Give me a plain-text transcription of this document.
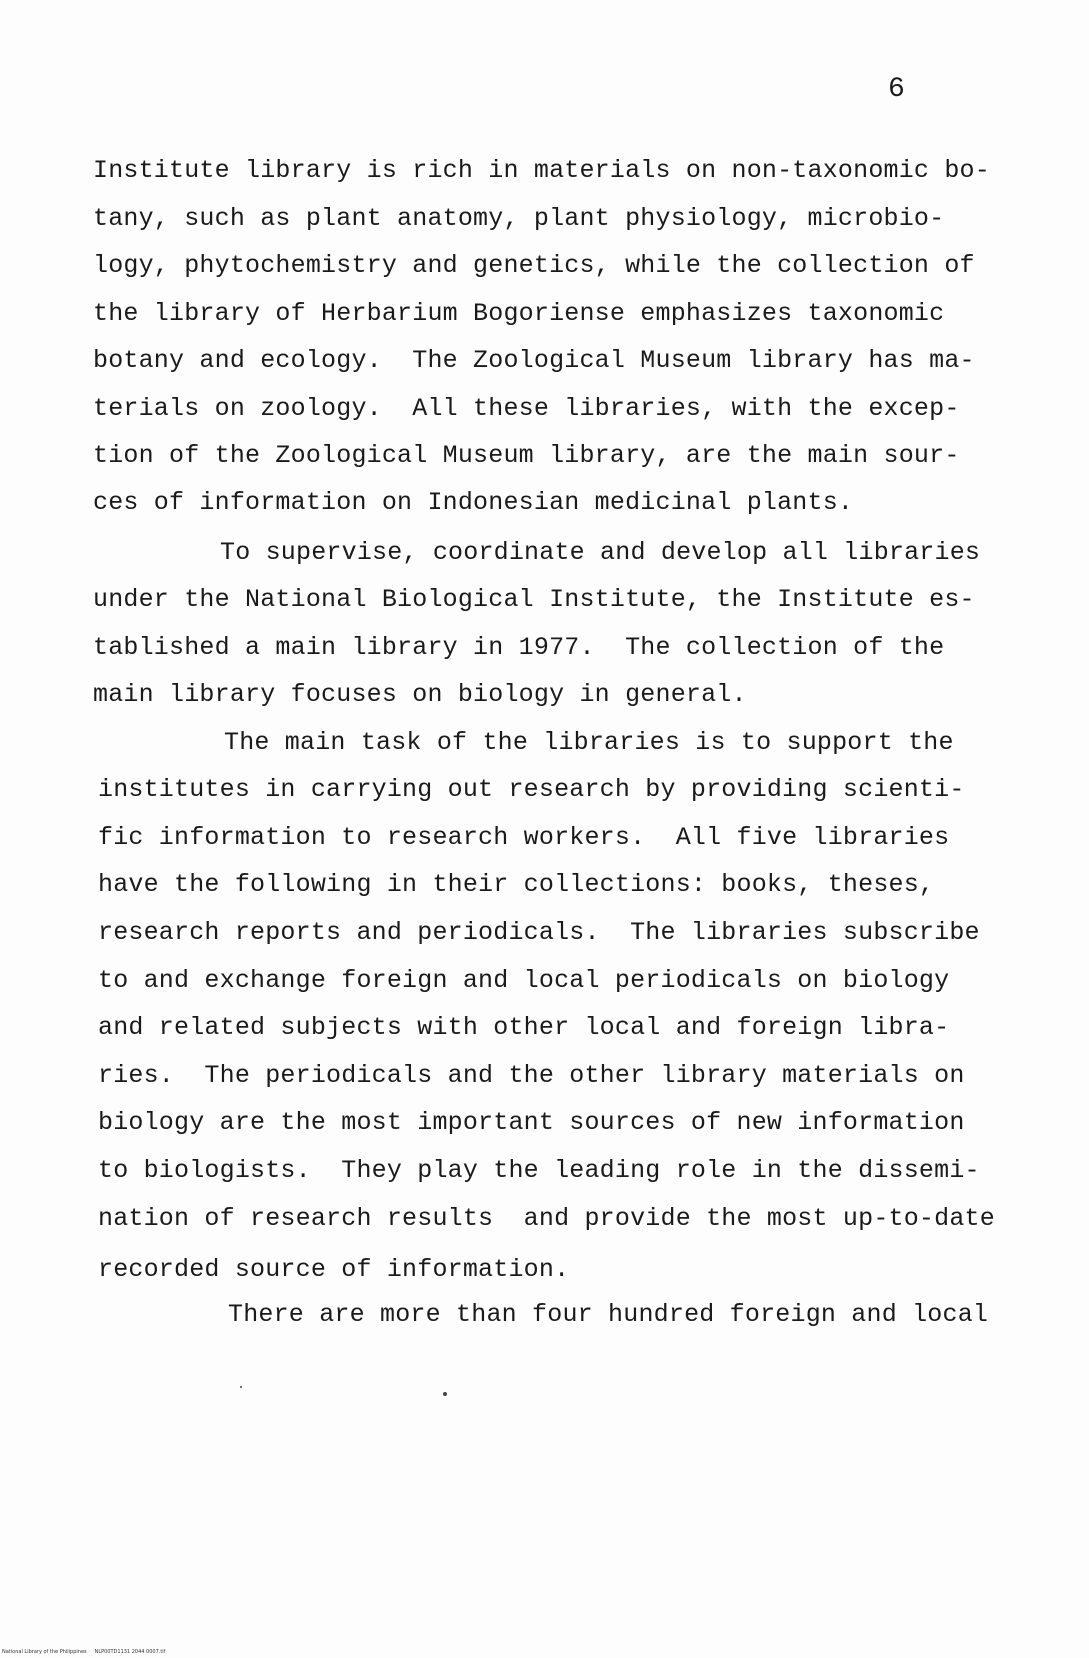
6
Institute library is rich in materials on non-taxonomic bo-
tany, such as plant anatomy, plant physiology, microbio-
logy, phytochemistry and genetics, while the collection of
the library of Herbarium Bogoriense emphasizes taxonomic
botany and ecology.  The Zoological Museum library has ma-
terials on zoology.  All these libraries, with the excep-
tion of the Zoological Museum library, are the main sour-
ces of information on Indonesian medicinal plants.
To supervise, coordinate and develop all libraries
under the National Biological Institute, the Institute es-
tablished a main library in 1977.  The collection of the
main library focuses on biology in general.
The main task of the libraries is to support the
institutes in carrying out research by providing scienti-
fic information to research workers.  All five libraries
have the following in their collections: books, theses,
research reports and periodicals.  The libraries subscribe
to and exchange foreign and local periodicals on biology
and related subjects with other local and foreign libra-
ries.  The periodicals and the other library materials on
biology are the most important sources of new information
to biologists.  They play the leading role in the dissemi-
nation of research results  and provide the most up-to-date
recorded source of information.
There are more than four hundred foreign and local
National Library of the Philippines     NLP00TD1131 2044 0007.tif
